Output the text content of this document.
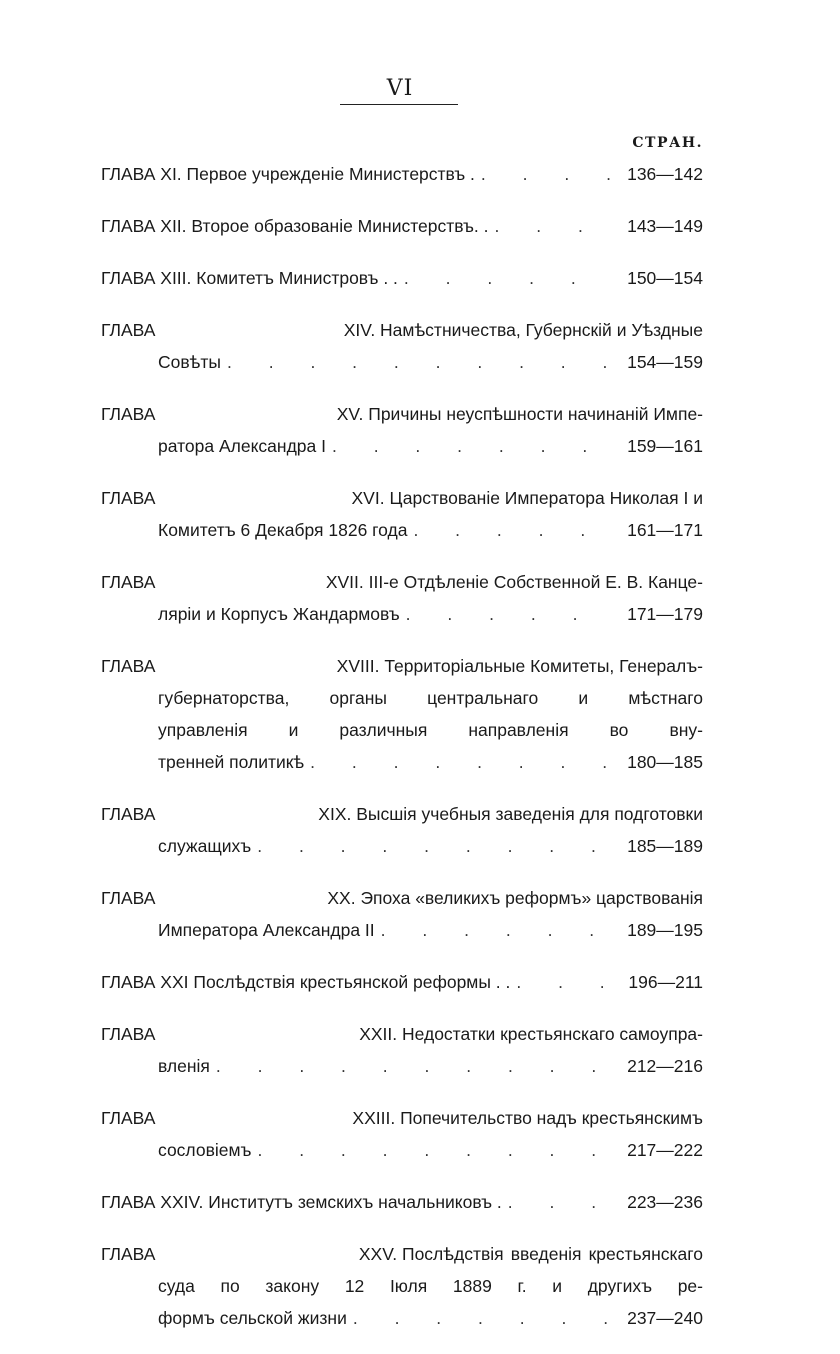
VI
СТРАН.
ГЛАВА XI. Первое учрежденіе Министерствъ . . . .	136—142
ГЛАВА XII. Второе образованіе Министерствъ. . . . .	143—149
ГЛАВА XIII. Комитетъ Министровъ . . . . .	150—154
ГЛАВА XIV. Намѣстничества, Губернскій и Уѣздные
Совѣты . . .	154—159
ГЛАВА XV. Причины неуспѣшности начинаній Импе-
ратора Александра I . . .	159—161
ГЛАВА XVI. Царствованіе Императора Николая I и
Комитетъ 6 Декабря 1826 года . . .	161—171
ГЛАВА XVII. III-е Отдѣленіе Собственной Е. В. Канце-
ляріи и Корпусъ Жандармовъ . . .	171—179
ГЛАВА XVIII. Территоріальные Комитеты, Генералъ-
губернаторства, органы центральнаго и мѣстнаго
управленія и различныя направленія во вну-
тренней политикѣ . . .	180—185
ГЛАВА XIX. Высшія учебныя заведенія для подготовки
служащихъ . . .	185—189
ГЛАВА XX. Эпоха «великихъ реформъ» царствованія
Императора Александра II . . .	189—195
ГЛАВА XXI Послѣдствія крестьянской реформы . . . . .	196—211
ГЛАВА XXII. Недостатки крестьянскаго самоупра-
вленія . . .	212—216
ГЛАВА XXIII. Попечительство надъ крестьянскимъ
сословіемъ . . .	217—222
ГЛАВА XXIV. Институтъ земскихъ начальниковъ . . . .	223—236
ГЛАВА XXV. Послѣдствія введенія крестьянскаго
суда по закону 12 Іюля 1889 г. и другихъ ре-
формъ сельской жизни . . .	237—240
